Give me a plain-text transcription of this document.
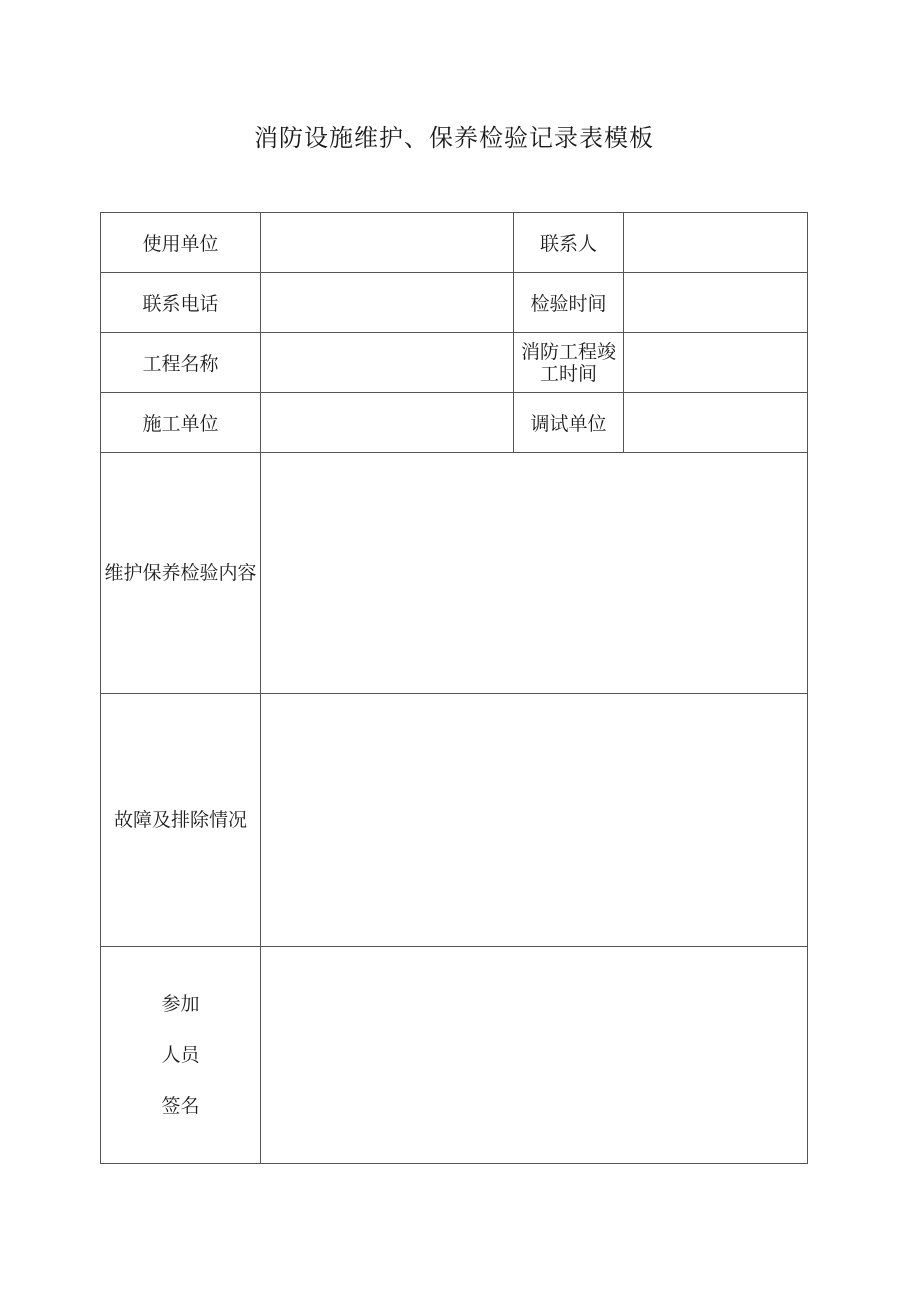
消防设施维护、保养检验记录表模板
使用单位		联系人	
联系电话		检验时间	
工程名称		消防工程竣
工时间	

施工单位		调试单位	
维护保养检验内容			
故障及排除情况			

参加
人员
签名			
